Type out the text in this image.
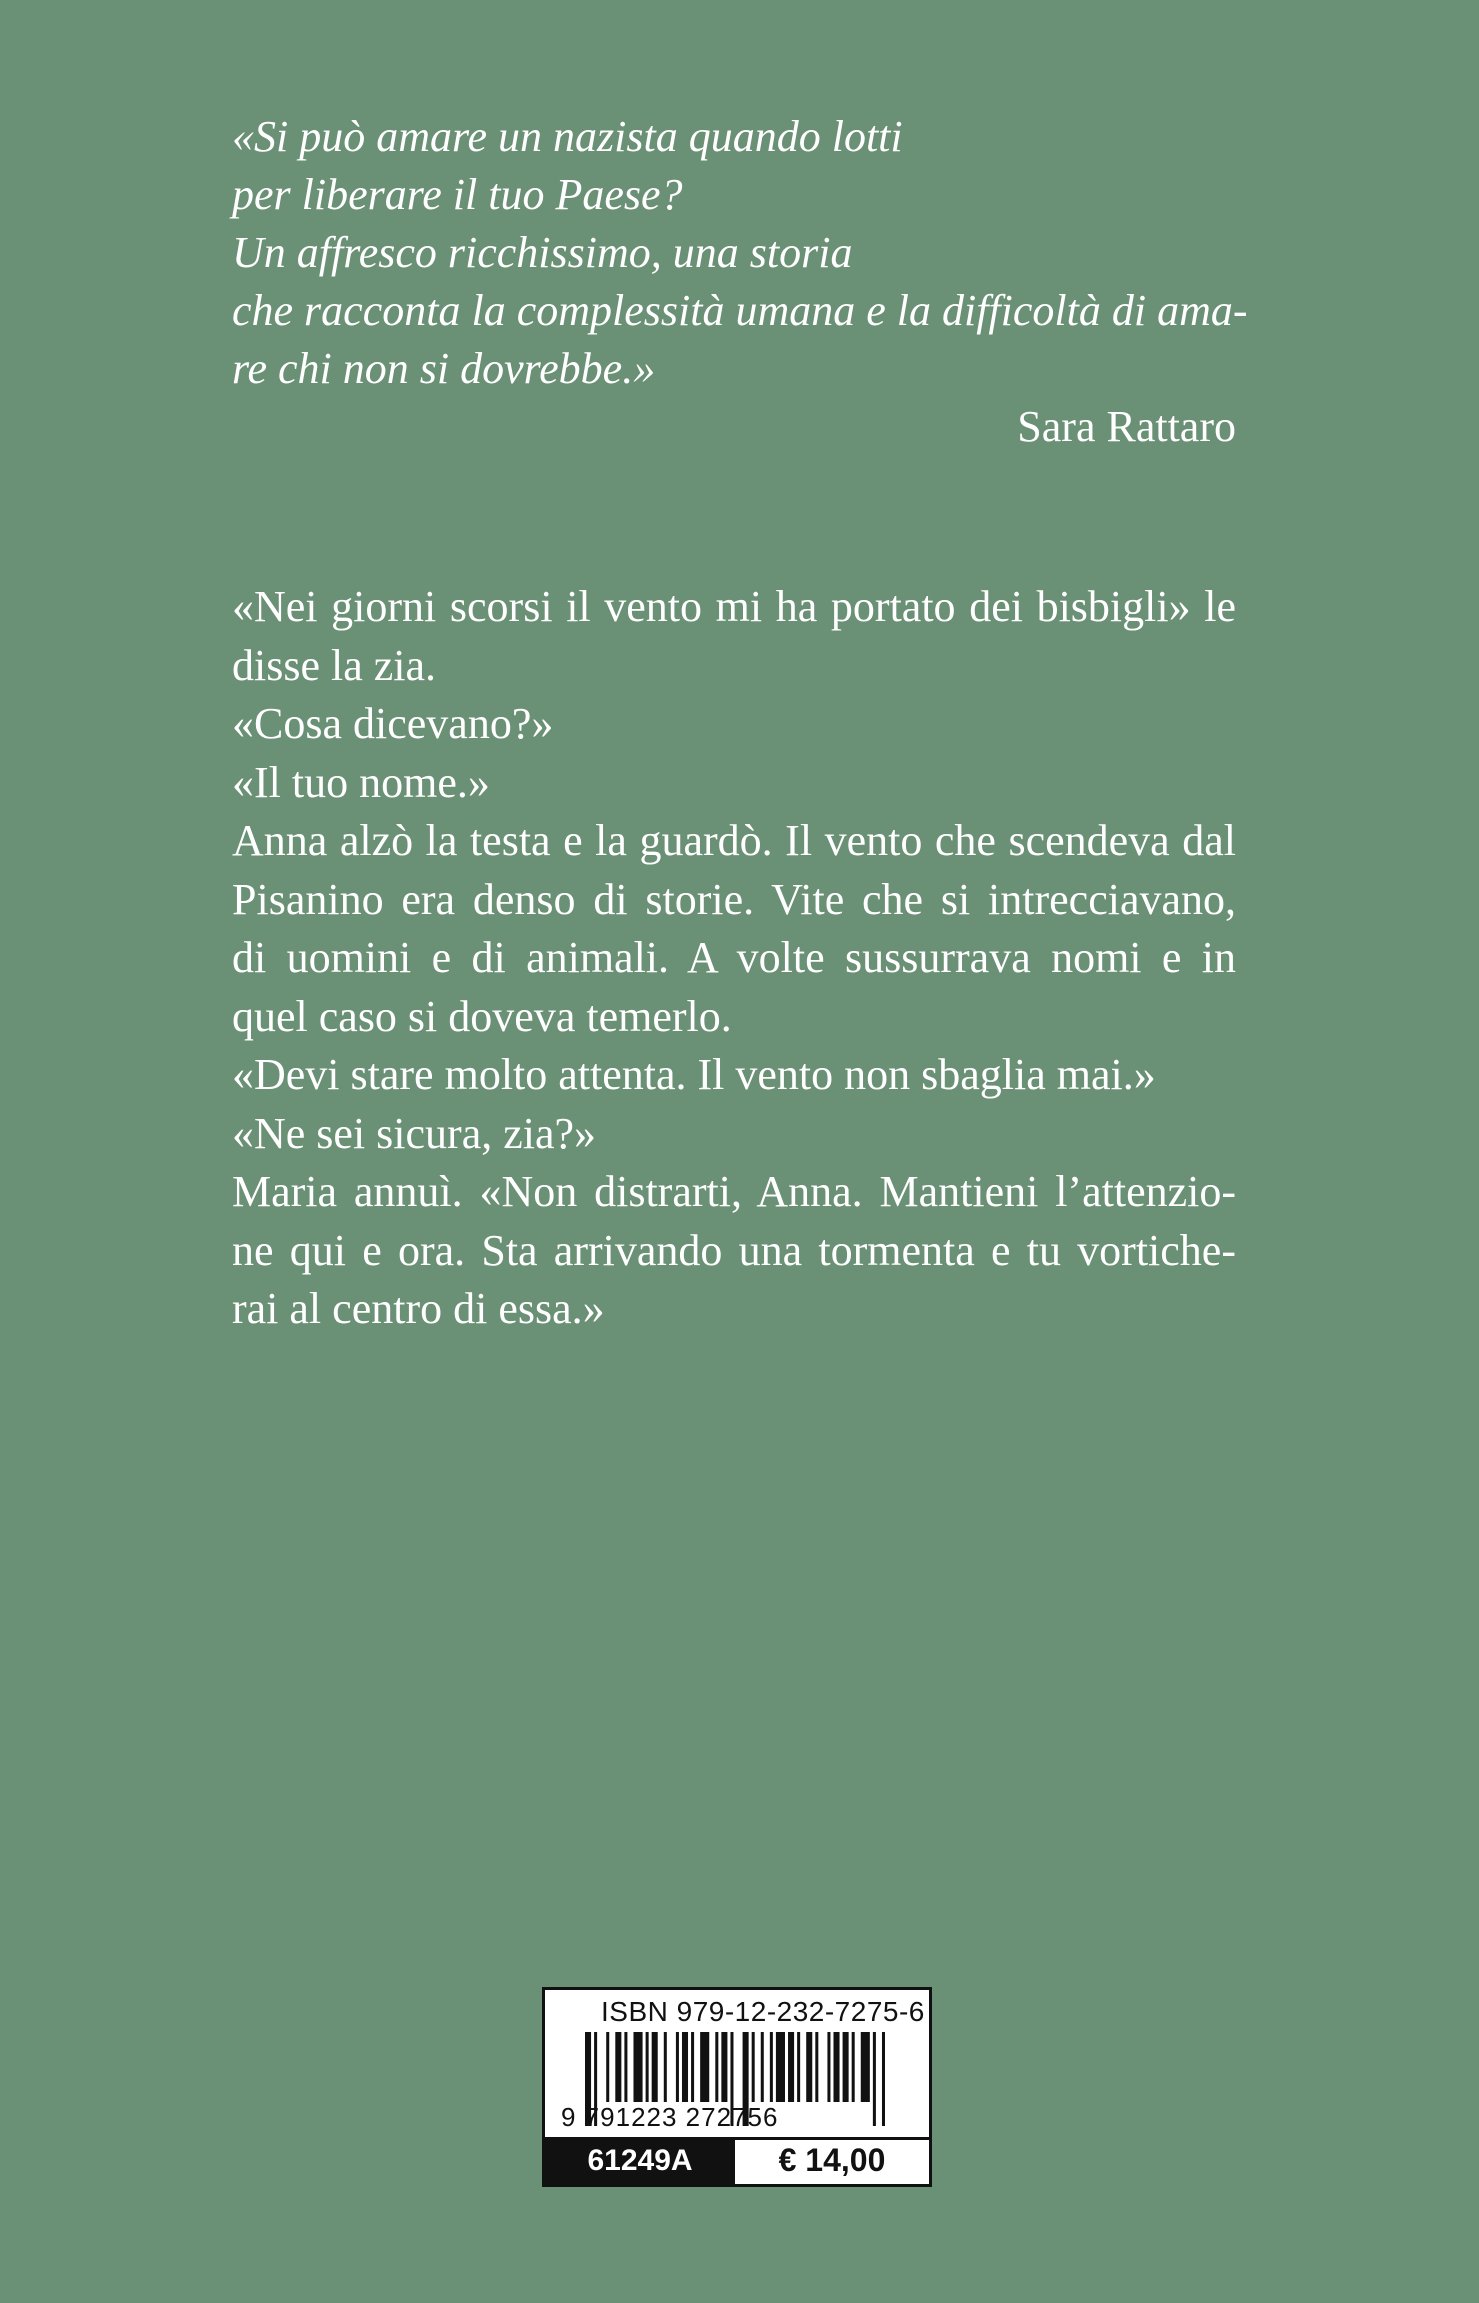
«Si può amare un nazista quando lotti
per liberare il tuo Paese?
Un affresco ricchissimo, una storia
che racconta la complessità umana e la difficoltà di ama-
re chi non si dovrebbe.»
Sara Rattaro
«Nei giorni scorsi il vento mi ha portato dei bisbigli» le
disse la zia.
«Cosa dicevano?»
«Il tuo nome.»
Anna alzò la testa e la guardò. Il vento che scendeva dal
Pisanino era denso di storie. Vite che si intrecciavano,
di uomini e di animali. A volte sussurrava nomi e in
quel caso si doveva temerlo.
«Devi stare molto attenta. Il vento non sbaglia mai.»
«Ne sei sicura, zia?»
Maria annuì. «Non distrarti, Anna. Mantieni l’attenzio-
ne qui e ora. Sta arrivando una tormenta e tu vortiche-
rai al centro di essa.»
ISBN 979-12-232-7275-6
9 791223 272756
61249A	€ 14,00
